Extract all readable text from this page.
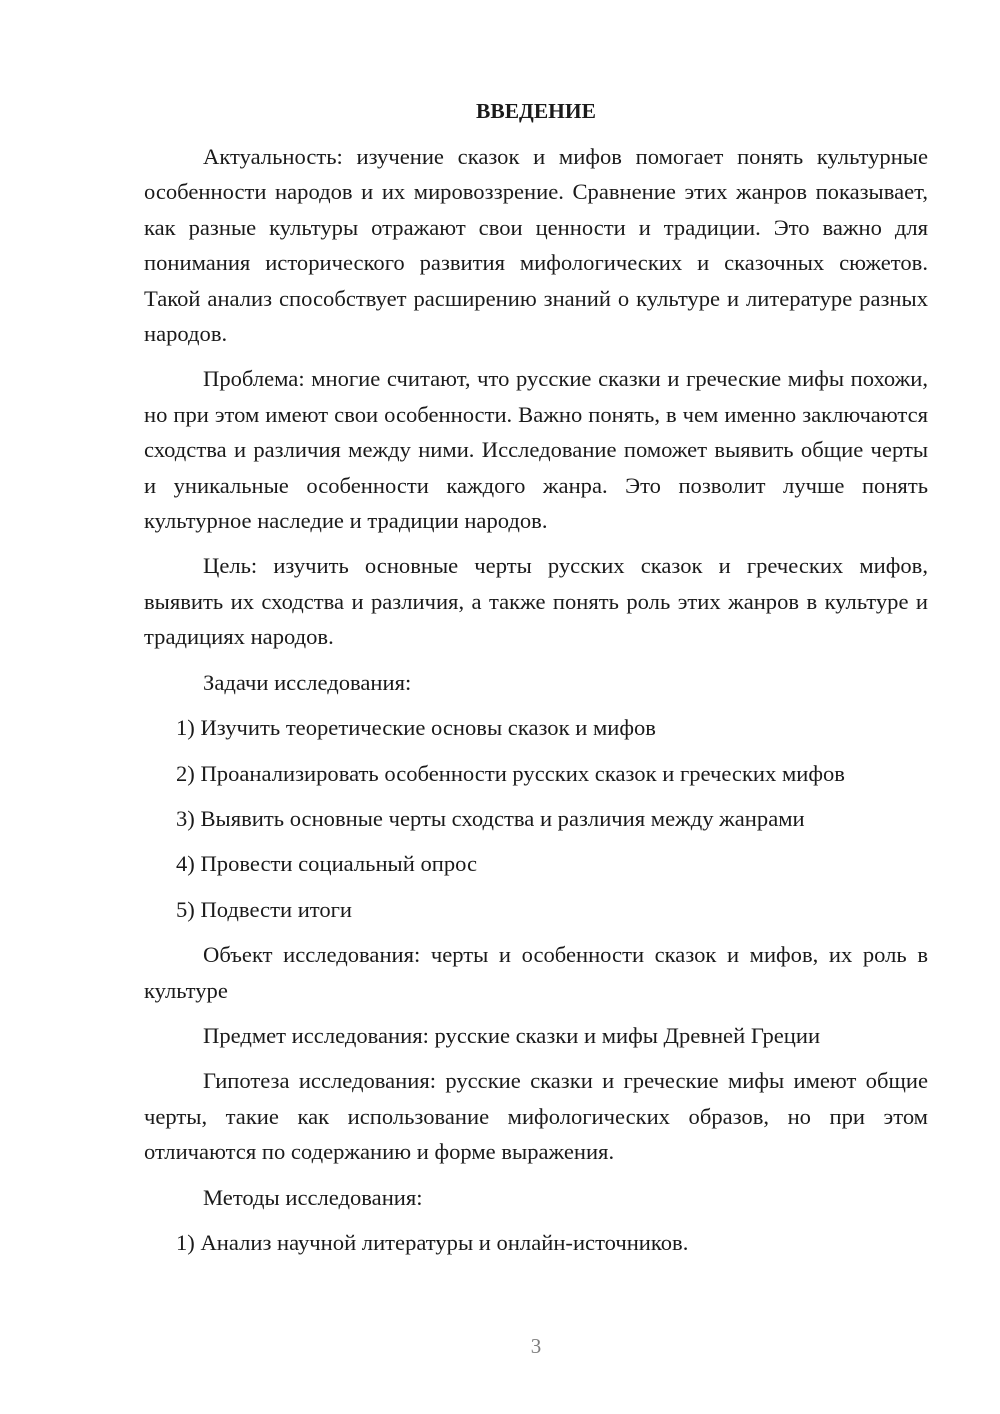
ВВЕДЕНИЕ

Актуальность: изучение сказок и мифов помогает понять культурные особенности народов и их мировоззрение. Сравнение этих жанров показывает, как разные культуры отражают свои ценности и традиции. Это важно для понимания исторического развития мифологических и сказочных сюжетов. Такой анализ способствует расширению знаний о культуре и литературе разных народов.

Проблема: многие считают, что русские сказки и греческие мифы похожи, но при этом имеют свои особенности. Важно понять, в чем именно заключаются сходства и различия между ними. Исследование поможет выявить общие черты и уникальные особенности каждого жанра. Это позволит лучше понять культурное наследие и традиции народов.

Цель: изучить основные черты русских сказок и греческих мифов, выявить их сходства и различия, а также понять роль этих жанров в культуре и традициях народов.

Задачи исследования:
1) Изучить теоретические основы сказок и мифов
2) Проанализировать особенности русских сказок и греческих мифов
3) Выявить основные черты сходства и различия между жанрами
4) Провести социальный опрос
5) Подвести итоги

Объект исследования: черты и особенности сказок и мифов, их роль в культуре

Предмет исследования: русские сказки и мифы Древней Греции

Гипотеза исследования: русские сказки и греческие мифы имеют общие черты, такие как использование мифологических образов, но при этом отличаются по содержанию и форме выражения.

Методы исследования:
1) Анализ научной литературы и онлайн-источников.
3
